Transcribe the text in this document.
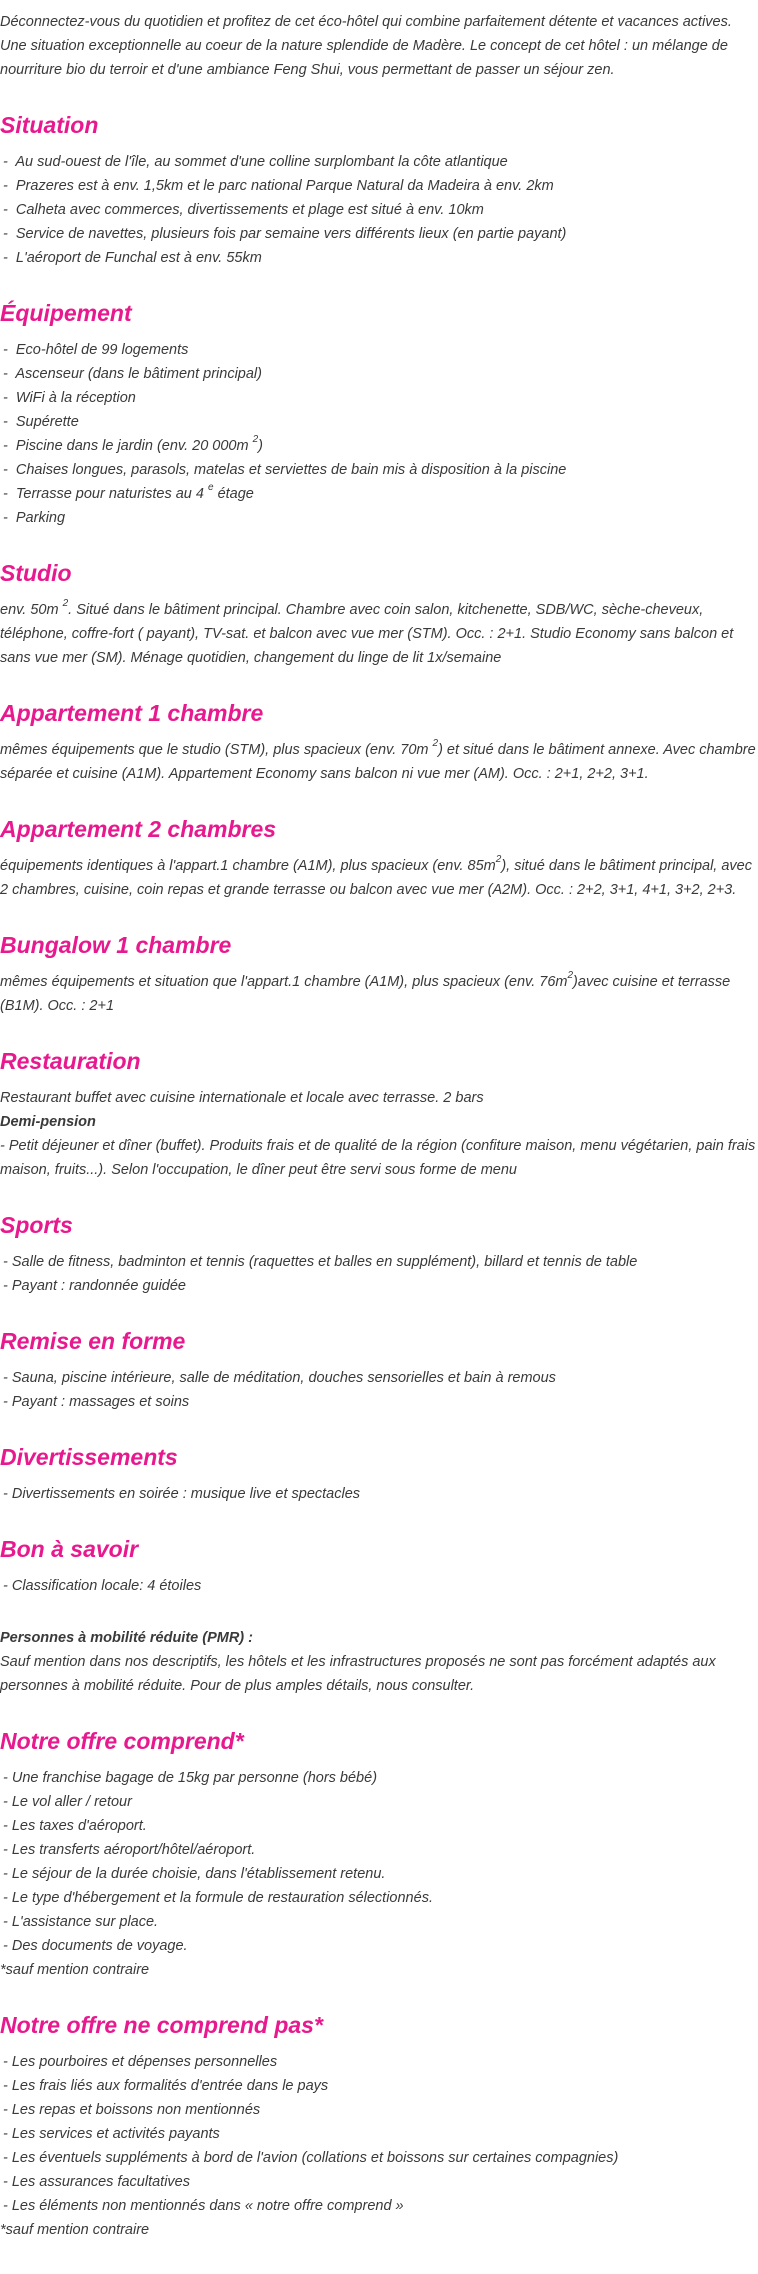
Déconnectez-vous du quotidien et profitez de cet éco-hôtel qui combine parfaitement détente et vacances actives. Une situation exceptionnelle au coeur de la nature splendide de Madère. Le concept de cet hôtel : un mélange de nourriture bio du terroir et d'une ambiance Feng Shui, vous permettant de passer un séjour zen.

Situation
-  Au sud-ouest de l'île, au sommet d'une colline surplombant la côte atlantique
-  Prazeres est à env. 1,5km et le parc national Parque Natural da Madeira à env. 2km
-  Calheta avec commerces, divertissements et plage est situé à env. 10km
-  Service de navettes, plusieurs fois par semaine vers différents lieux (en partie payant)
-  L'aéroport de Funchal est à env. 55km
Équipement
-  Eco-hôtel de 99 logements
-  Ascenseur (dans le bâtiment principal)
-  WiFi à la réception
-  Supérette
-  Piscine dans le jardin (env. 20 000m $^2$)
-  Chaises longues, parasols, matelas et serviettes de bain mis à disposition à la piscine
-  Terrasse pour naturistes au 4 $^e$ étage
-  Parking
Studio

env. 50m $^2$. Situé dans le bâtiment principal. Chambre avec coin salon, kitchenette, SDB/WC, sèche-cheveux, téléphone, coffre-fort ( payant), TV-sat. et balcon avec vue mer (STM). Occ. : 2+1. Studio Economy sans balcon et sans vue mer (SM). Ménage quotidien, changement du linge de lit 1x/semaine

Appartement 1 chambre

mêmes équipements que le studio (STM), plus spacieux (env. 70m $^2$) et situé dans le bâtiment annexe. Avec chambre séparée et cuisine (A1M). Appartement Economy sans balcon ni vue mer (AM). Occ. : 2+1, 2+2, 3+1.

Appartement 2 chambres

équipements identiques à l'appart.1 chambre (A1M), plus spacieux (env. $85m^2$), situé dans le bâtiment principal, avec 2 chambres, cuisine, coin repas et grande terrasse ou balcon avec vue mer (A2M). Occ. : 2+2, 3+1, 4+1, 3+2, 2+3.

Bungalow 1 chambre

mêmes équipements et situation que l'appart.1 chambre (A1M), plus spacieux (env. $76m^2)avec$ cuisine et terrasse (B1M). Occ. : 2+1

Restauration

Restaurant buffet avec cuisine internationale et locale avec terrasse. 2 bars

Demi-pension

- Petit déjeuner et dîner (buffet). Produits frais et de qualité de la région (confiture maison, menu végétarien, pain frais maison, fruits...). Selon l'occupation, le dîner peut être servi sous forme de menu

Sports
- Salle de fitness, badminton et tennis (raquettes et balles en supplément), billard et tennis de table
- Payant : randonnée guidée
Remise en forme
- Sauna, piscine intérieure, salle de méditation, douches sensorielles et bain à remous
- Payant : massages et soins
Divertissements
- Divertissements en soirée : musique live et spectacles
Bon à savoir
- Classification locale: 4 étoiles

Personnes à mobilité réduite (PMR) :

Sauf mention dans nos descriptifs, les hôtels et les infrastructures proposés ne sont pas forcément adaptés aux personnes à mobilité réduite. Pour de plus amples détails, nous consulter.

Notre offre comprend*
- Une franchise bagage de 15kg par personne (hors bébé)
- Le vol aller / retour
- Les taxes d'aéroport.
- Les transferts aéroport/hôtel/aéroport.
- Le séjour de la durée choisie, dans l'établissement retenu.
- Le type d'hébergement et la formule de restauration sélectionnés.
- L'assistance sur place.
- Des documents de voyage.
*sauf mention contraire
Notre offre ne comprend pas*
- Les pourboires et dépenses personnelles
- Les frais liés aux formalités d'entrée dans le pays
- Les repas et boissons non mentionnés
- Les services et activités payants
- Les éventuels suppléments à bord de l'avion (collations et boissons sur certaines compagnies)
- Les assurances facultatives
- Les éléments non mentionnés dans « notre offre comprend »
*sauf mention contraire
